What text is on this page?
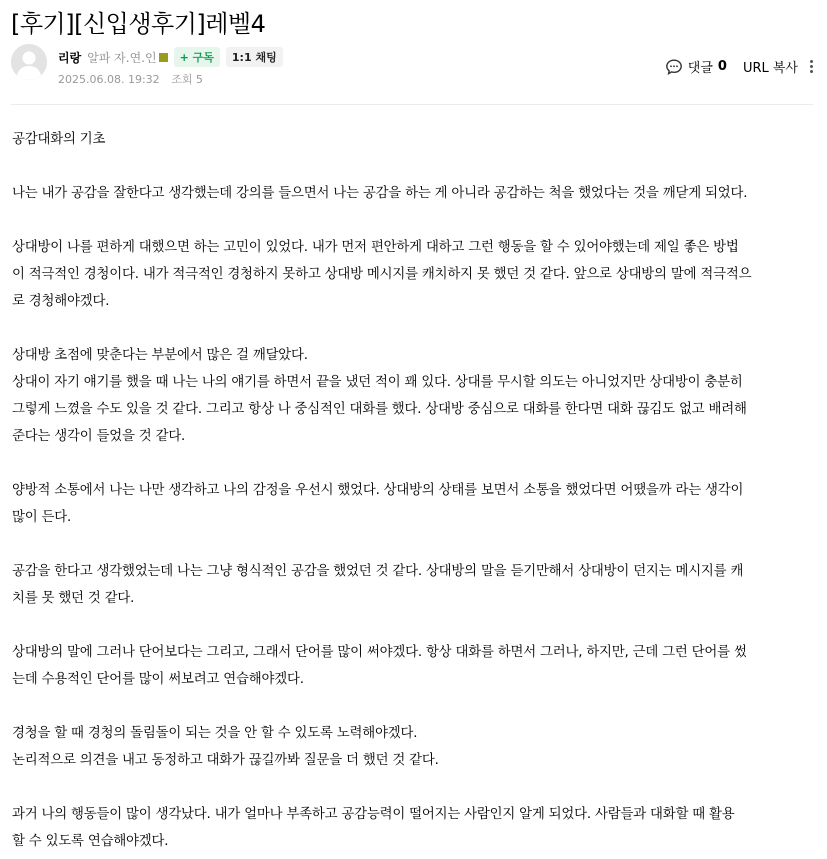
[후기][신입생후기]레벨4
리랑 알파 자.연.인	+ 구독	1:1 채팅
2025.06.08. 19:32 조회 5
댓글 0 URL 복사

공감대화의 기초

나는 내가 공감을 잘한다고 생각했는데 강의를 들으면서 나는 공감을 하는 게 아니라 공감하는 척을 했었다는 것을 깨닫게 되었다.

상대방이 나를 편하게 대했으면 하는 고민이 있었다. 내가 먼저 편안하게 대하고 그런 행동을 할 수 있어야했는데 제일 좋은 방법

이 적극적인 경청이다. 내가 적극적인 경청하지 못하고 상대방 메시지를 캐치하지 못 했던 것 같다. 앞으로 상대방의 말에 적극적으

로 경청해야겠다.

상대방 초점에 맞춘다는 부분에서 많은 걸 깨달았다.

상대이 자기 얘기를 했을 때 나는 나의 얘기를 하면서 끝을 냈던 적이 꽤 있다. 상대를 무시할 의도는 아니었지만 상대방이 충분히

그렇게 느꼈을 수도 있을 것 같다. 그리고 항상 나 중심적인 대화를 했다. 상대방 중심으로 대화를 한다면 대화 끊김도 없고 배려해

준다는 생각이 들었을 것 같다.

양방적 소통에서 나는 나만 생각하고 나의 감정을 우선시 했었다. 상대방의 상태를 보면서 소통을 했었다면 어땠을까 라는 생각이

많이 든다.

공감을 한다고 생각했었는데 나는 그냥 형식적인 공감을 했었던 것 같다. 상대방의 말을 듣기만해서 상대방이 던지는 메시지를 캐

치를 못 했던 것 같다.

상대방의 말에 그러나 단어보다는 그리고, 그래서 단어를 많이 써야겠다. 항상 대화를 하면서 그러나, 하지만, 근데 그런 단어를 썼

는데 수용적인 단어를 많이 써보려고 연습해야겠다.

경청을 할 때 경청의 돌림돌이 되는 것을 안 할 수 있도록 노력해야겠다.

논리적으로 의견을 내고 동정하고 대화가 끊길까봐 질문을 더 했던 것 같다.

과거 나의 행동들이 많이 생각났다. 내가 얼마나 부족하고 공감능력이 떨어지는 사람인지 알게 되었다. 사람들과 대화할 때 활용

할 수 있도록 연습해야겠다.
